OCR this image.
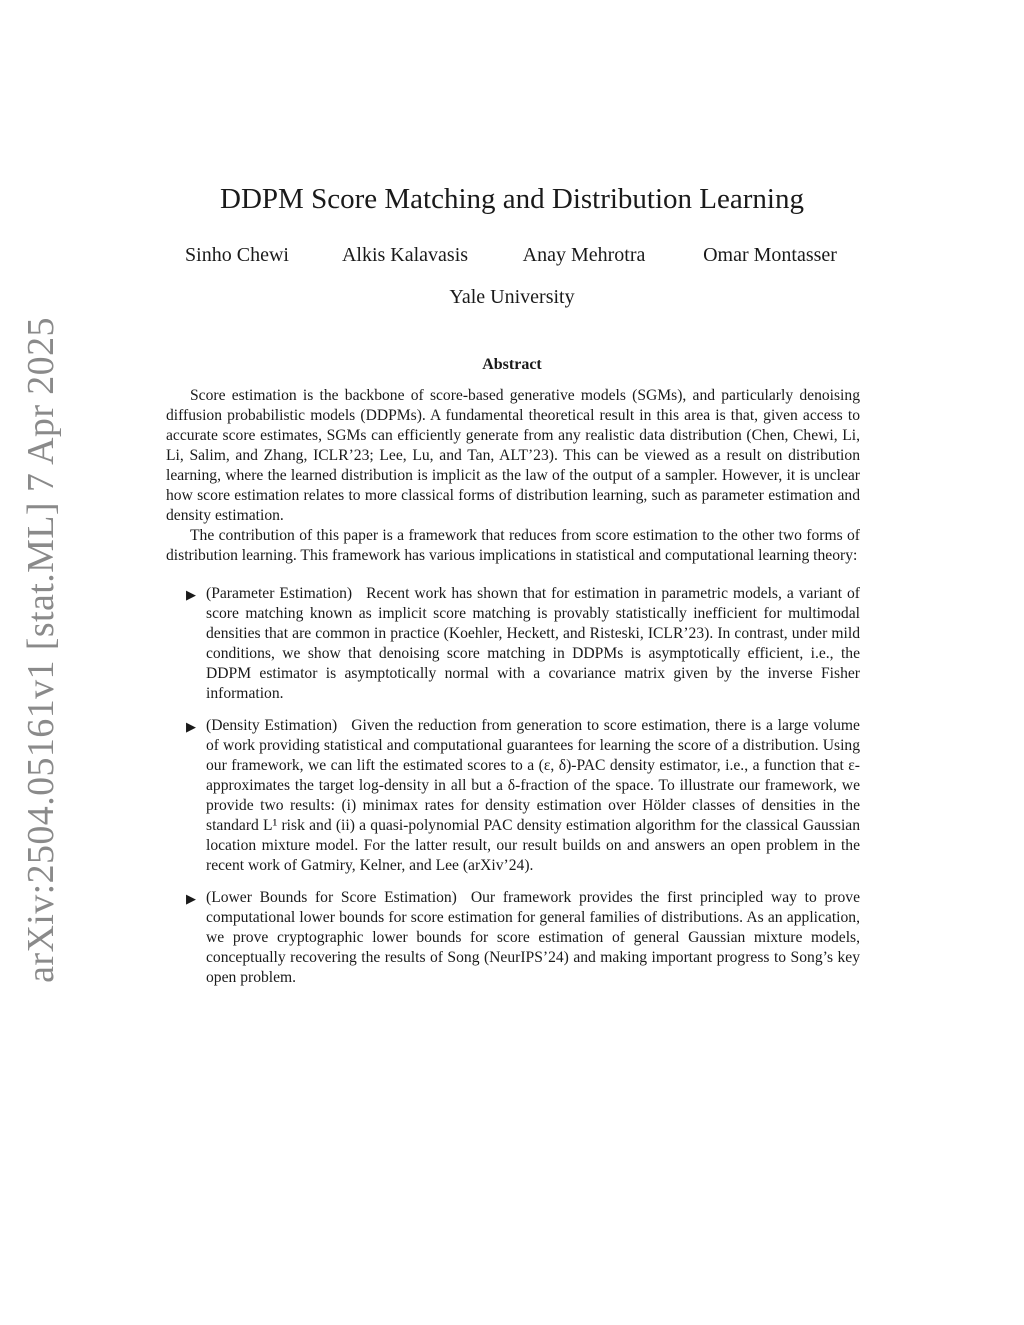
arXiv:2504.05161v1 [stat.ML] 7 Apr 2025
DDPM Score Matching and Distribution Learning
Sinho Chewi	Alkis Kalavasis	Anay Mehrotra	Omar Montasser
Yale University
Abstract

Score estimation is the backbone of score-based generative models (SGMs), and particularly denoising diffusion probabilistic models (DDPMs). A fundamental theoretical result in this area is that, given access to accurate score estimates, SGMs can efficiently generate from any realistic data distribution (Chen, Chewi, Li, Li, Salim, and Zhang, ICLR’23; Lee, Lu, and Tan, ALT’23). This can be viewed as a result on distribution learning, where the learned distribution is implicit as the law of the output of a sampler. However, it is unclear how score estimation relates to more classical forms of distribution learning, such as parameter estimation and density estimation.

The contribution of this paper is a framework that reduces from score estimation to the other two forms of distribution learning. This framework has various implications in statistical and computational learning theory:

▶ (Parameter Estimation) Recent work has shown that for estimation in parametric models, a variant of score matching known as implicit score matching is provably statistically inefficient for multimodal densities that are common in practice (Koehler, Heckett, and Risteski, ICLR’23). In contrast, under mild conditions, we show that denoising score matching in DDPMs is asymptotically efficient, i.e., the DDPM estimator is asymptotically normal with a covariance matrix given by the inverse Fisher information.
▶ (Density Estimation) Given the reduction from generation to score estimation, there is a large volume of work providing statistical and computational guarantees for learning the score of a distribution. Using our framework, we can lift the estimated scores to a (ε, δ)-PAC density estimator, i.e., a function that ε-approximates the target log-density in all but a δ-fraction of the space. To illustrate our framework, we provide two results: (i) minimax rates for density estimation over Hölder classes of densities in the standard L¹ risk and (ii) a quasi-polynomial PAC density estimation algorithm for the classical Gaussian location mixture model. For the latter result, our result builds on and answers an open problem in the recent work of Gatmiry, Kelner, and Lee (arXiv’24).
▶ (Lower Bounds for Score Estimation) Our framework provides the first principled way to prove computational lower bounds for score estimation for general families of distributions. As an application, we prove cryptographic lower bounds for score estimation of general Gaussian mixture models, conceptually recovering the results of Song (NeurIPS’24) and making important progress to Song’s key open problem.
